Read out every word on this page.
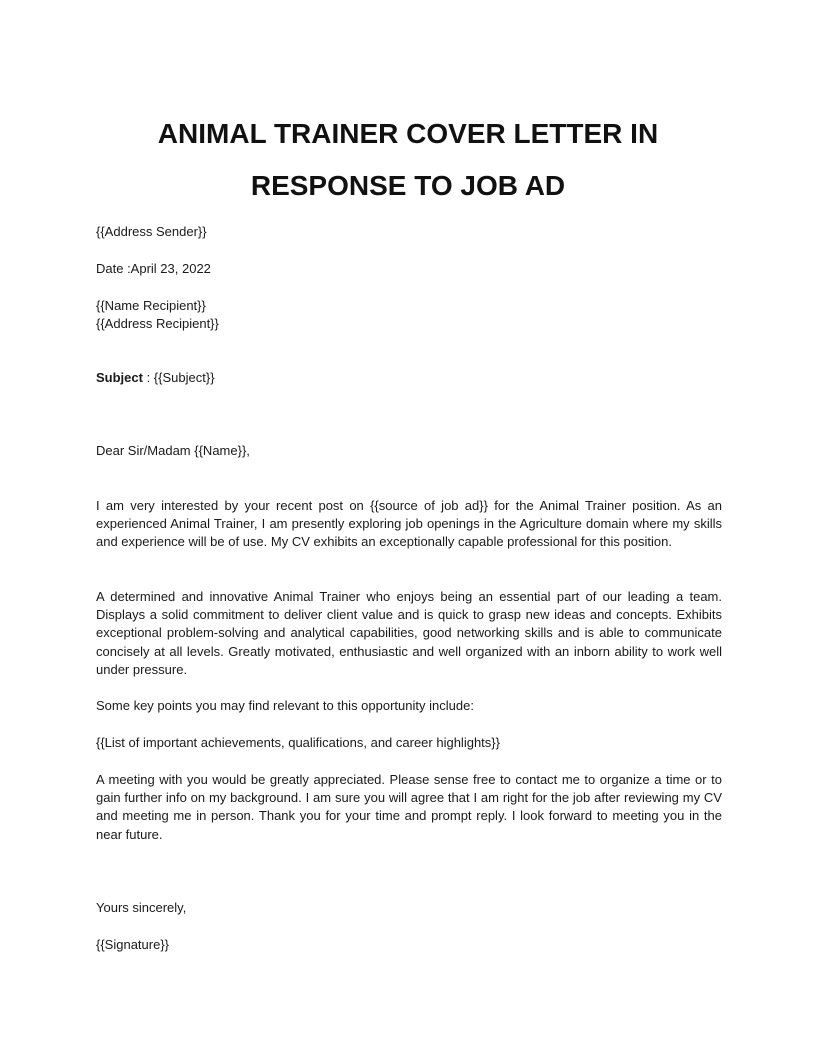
ANIMAL TRAINER COVER LETTER IN
RESPONSE TO JOB AD
{{Address Sender}}
Date :April 23, 2022
{{Name Recipient}}
{{Address Recipient}}
Subject : {{Subject}}
Dear Sir/Madam {{Name}},

I am very interested by your recent post on {{source of job ad}} for the Animal Trainer position. As an experienced Animal Trainer, I am presently exploring job openings in the Agriculture domain where my skills and experience will be of use. My CV exhibits an exceptionally capable professional for this position.

A determined and innovative Animal Trainer who enjoys being an essential part of our leading a team. Displays a solid commitment to deliver client value and is quick to grasp new ideas and concepts. Exhibits exceptional problem-solving and analytical capabilities, good networking skills and is able to communicate concisely at all levels. Greatly motivated, enthusiastic and well organized with an inborn ability to work well under pressure.

Some key points you may find relevant to this opportunity include:
{{List of important achievements, qualifications, and career highlights}}

A meeting with you would be greatly appreciated. Please sense free to contact me to organize a time or to gain further info on my background. I am sure you will agree that I am right for the job after reviewing my CV and meeting me in person. Thank you for your time and prompt reply. I look forward to meeting you in the near future.

Yours sincerely,
{{Signature}}
